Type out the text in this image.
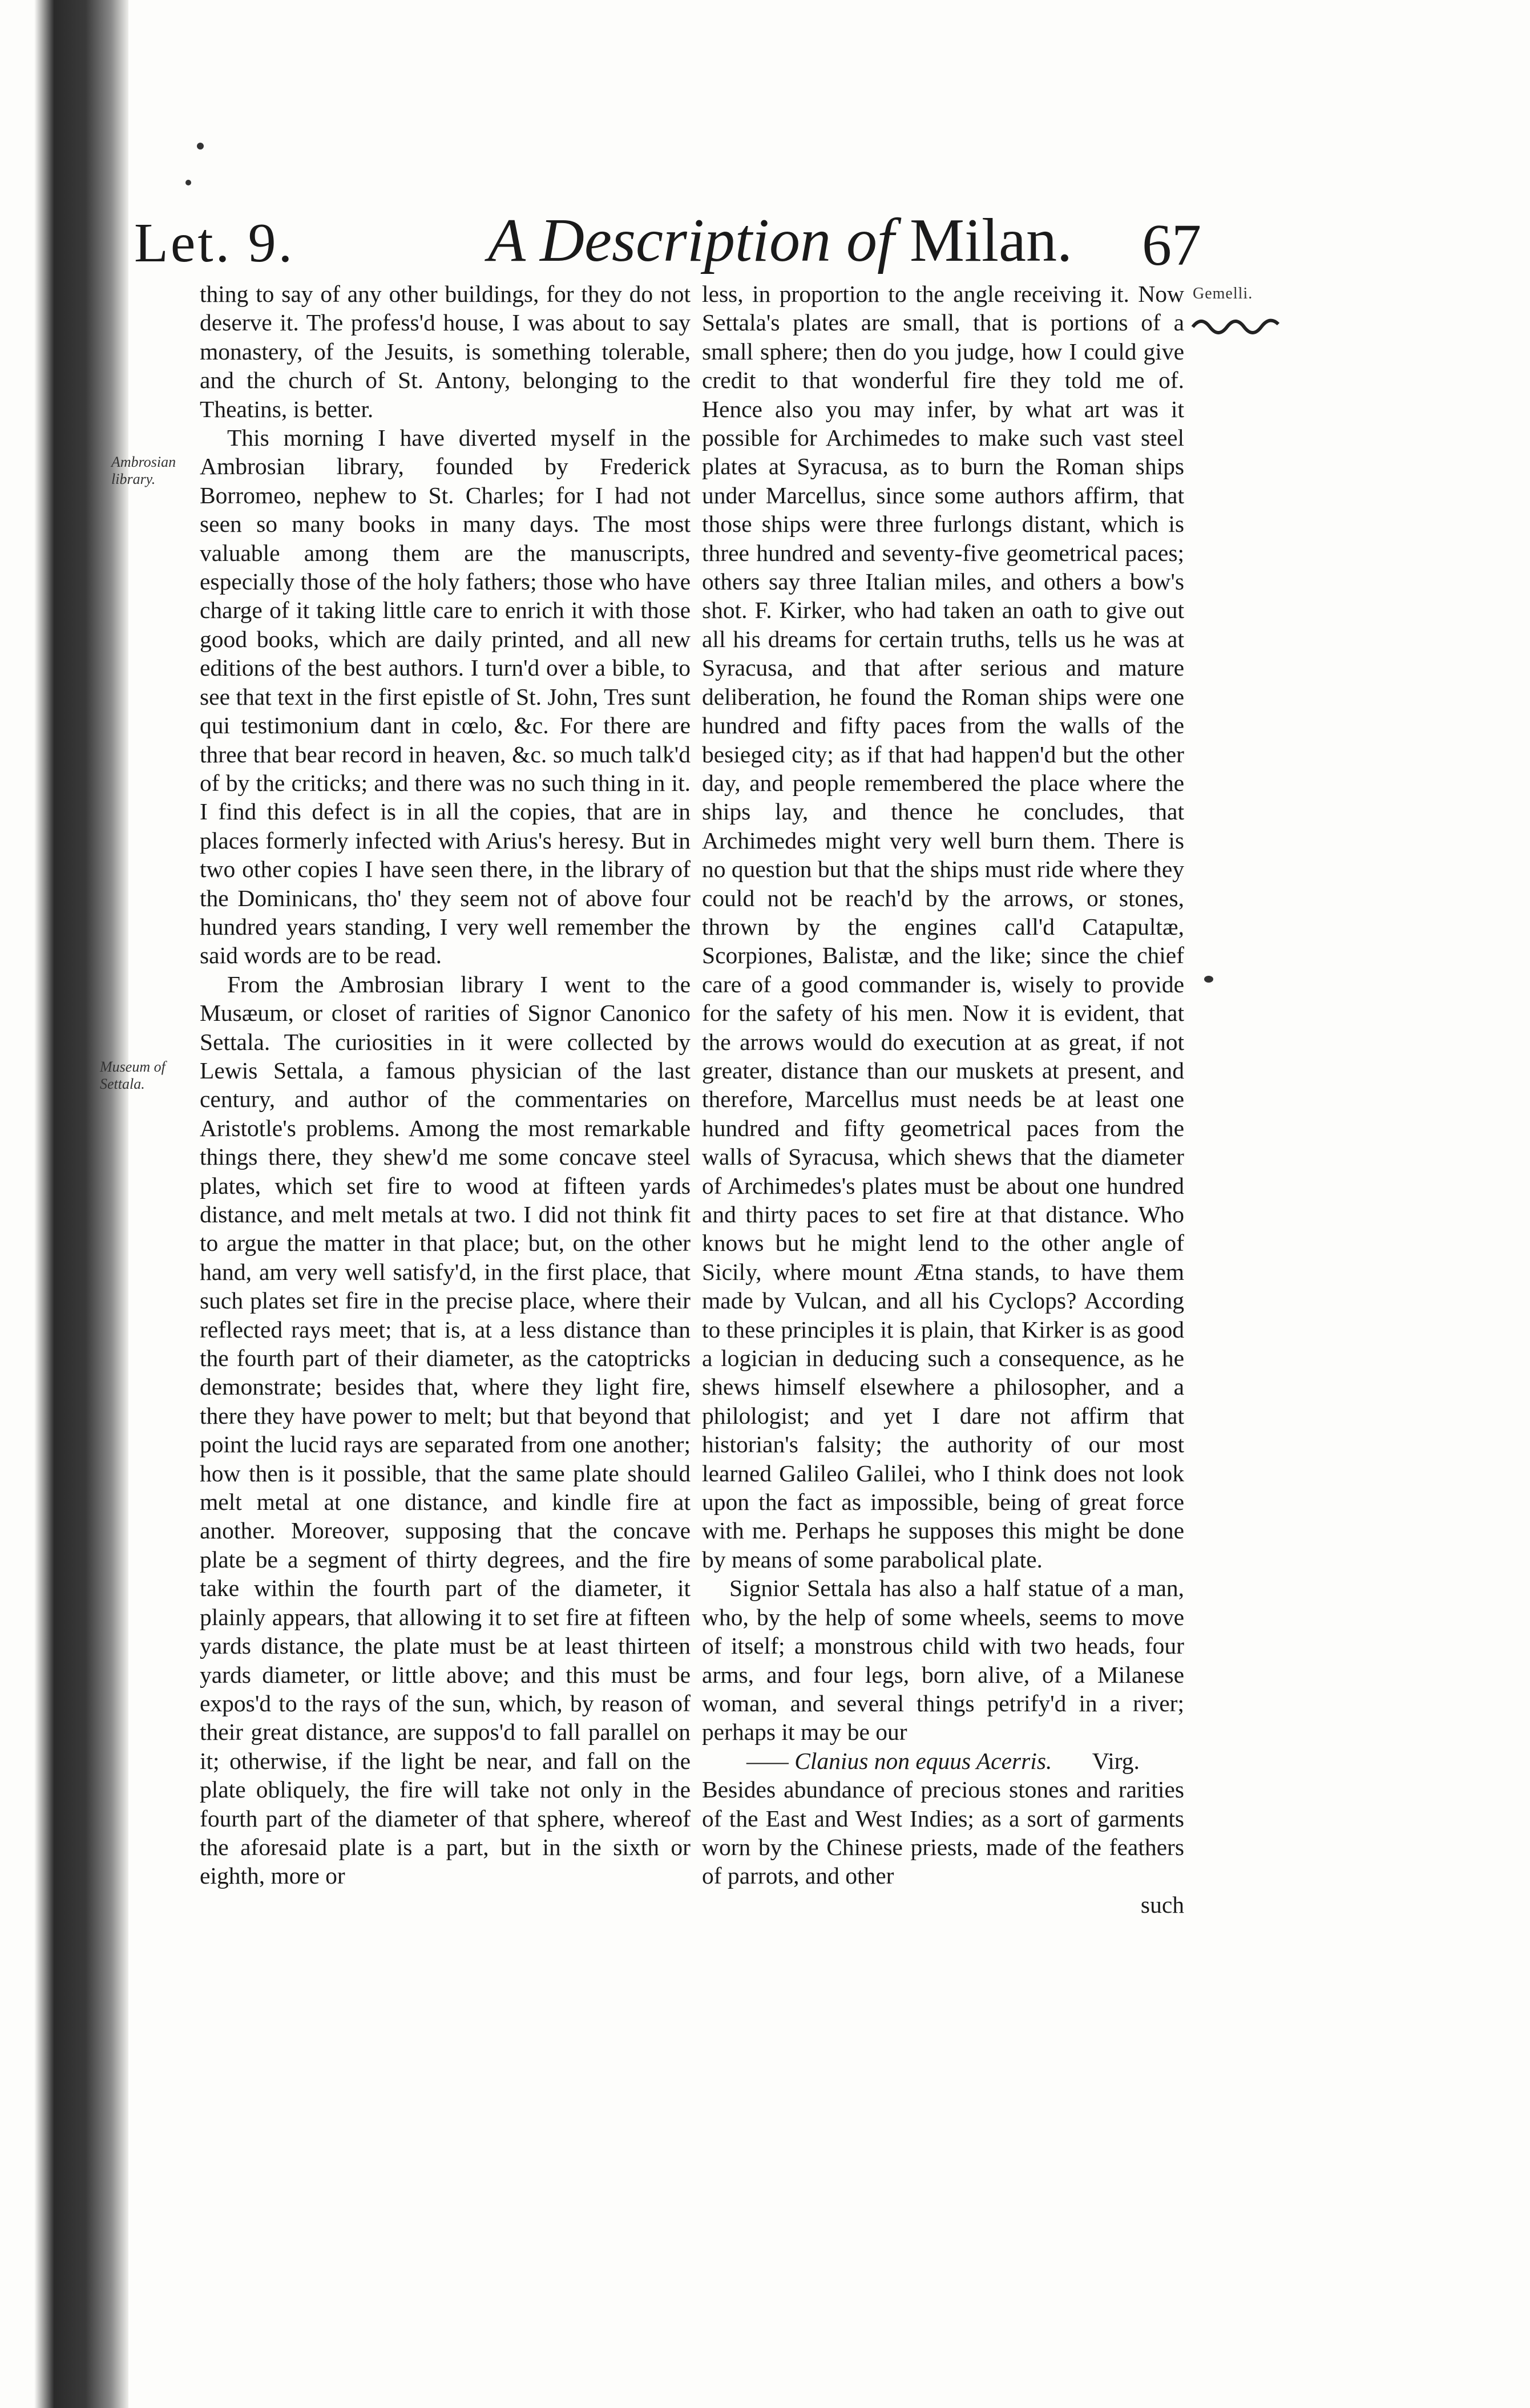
Let. 9.	A Description of Milan. 67
Ambrosian library.
Museum of Settala.
Gemelli.

thing to say of any other buildings, for they do not deserve it. The profess'd house, I was about to say monastery, of the Jesuits, is something tolerable, and the church of St. Antony, belonging to the Theatins, is better.

This morning I have diverted myself in the Ambrosian library, founded by Frederick Borromeo, nephew to St. Charles; for I had not seen so many books in many days. The most valuable among them are the manuscripts, especially those of the holy fathers; those who have charge of it taking little care to enrich it with those good books, which are daily printed, and all new editions of the best authors. I turn'd over a bible, to see that text in the first epistle of St. John, Tres sunt qui testimonium dant in cœlo, &c. For there are three that bear record in heaven, &c. so much talk'd of by the criticks; and there was no such thing in it. I find this defect is in all the copies, that are in places formerly infected with Arius's heresy. But in two other copies I have seen there, in the library of the Dominicans, tho' they seem not of above four hundred years standing, I very well remember the said words are to be read.

From the Ambrosian library I went to the Musæum, or closet of rarities of Signor Canonico Settala. The curiosities in it were collected by Lewis Settala, a famous physician of the last century, and author of the commentaries on Aristotle's problems. Among the most remarkable things there, they shew'd me some concave steel plates, which set fire to wood at fifteen yards distance, and melt metals at two. I did not think fit to argue the matter in that place; but, on the other hand, am very well satisfy'd, in the first place, that such plates set fire in the precise place, where their reflected rays meet; that is, at a less distance than the fourth part of their diameter, as the catoptricks demonstrate; besides that, where they light fire, there they have power to melt; but that beyond that point the lucid rays are separated from one another; how then is it possible, that the same plate should melt metal at one distance, and kindle fire at another. Moreover, supposing that the concave plate be a segment of thirty degrees, and the fire take within the fourth part of the diameter, it plainly appears, that allowing it to set fire at fifteen yards distance, the plate must be at least thirteen yards diameter, or little above; and this must be expos'd to the rays of the sun, which, by reason of their great distance, are suppos'd to fall parallel on it; otherwise, if the light be near, and fall on the plate obliquely, the fire will take not only in the fourth part of the diameter of that sphere, whereof the aforesaid plate is a part, but in the sixth or eighth, more or

less, in proportion to the angle receiving it. Now Settala's plates are small, that is portions of a small sphere; then do you judge, how I could give credit to that wonderful fire they told me of. Hence also you may infer, by what art was it possible for Archimedes to make such vast steel plates at Syracusa, as to burn the Roman ships under Marcellus, since some authors affirm, that those ships were three furlongs distant, which is three hundred and seventy-five geometrical paces; others say three Italian miles, and others a bow's shot. F. Kirker, who had taken an oath to give out all his dreams for certain truths, tells us he was at Syracusa, and that after serious and mature deliberation, he found the Roman ships were one hundred and fifty paces from the walls of the besieged city; as if that had happen'd but the other day, and people remembered the place where the ships lay, and thence he concludes, that Archimedes might very well burn them. There is no question but that the ships must ride where they could not be reach'd by the arrows, or stones, thrown by the engines call'd Catapultæ, Scorpiones, Balistæ, and the like; since the chief care of a good commander is, wisely to provide for the safety of his men. Now it is evident, that the arrows would do execution at as great, if not greater, distance than our muskets at present, and therefore, Marcellus must needs be at least one hundred and fifty geometrical paces from the walls of Syracusa, which shews that the diameter of Archimedes's plates must be about one hundred and thirty paces to set fire at that distance. Who knows but he might lend to the other angle of Sicily, where mount Ætna stands, to have them made by Vulcan, and all his Cyclops? According to these principles it is plain, that Kirker is as good a logician in deducing such a consequence, as he shews himself elsewhere a philosopher, and a philologist; and yet I dare not affirm that historian's falsity; the authority of our most learned Galileo Galilei, who I think does not look upon the fact as impossible, being of great force with me. Perhaps he supposes this might be done by means of some parabolical plate.

Signior Settala has also a half statue of a man, who, by the help of some wheels, seems to move of itself; a monstrous child with two heads, four arms, and four legs, born alive, of a Milanese woman, and several things petrify'd in a river; perhaps it may be our

—— Clanius non equus Acerris. Virg.

Besides abundance of precious stones and rarities of the East and West Indies; as a sort of garments worn by the Chinese priests, made of the feathers of parrots, and other

such
